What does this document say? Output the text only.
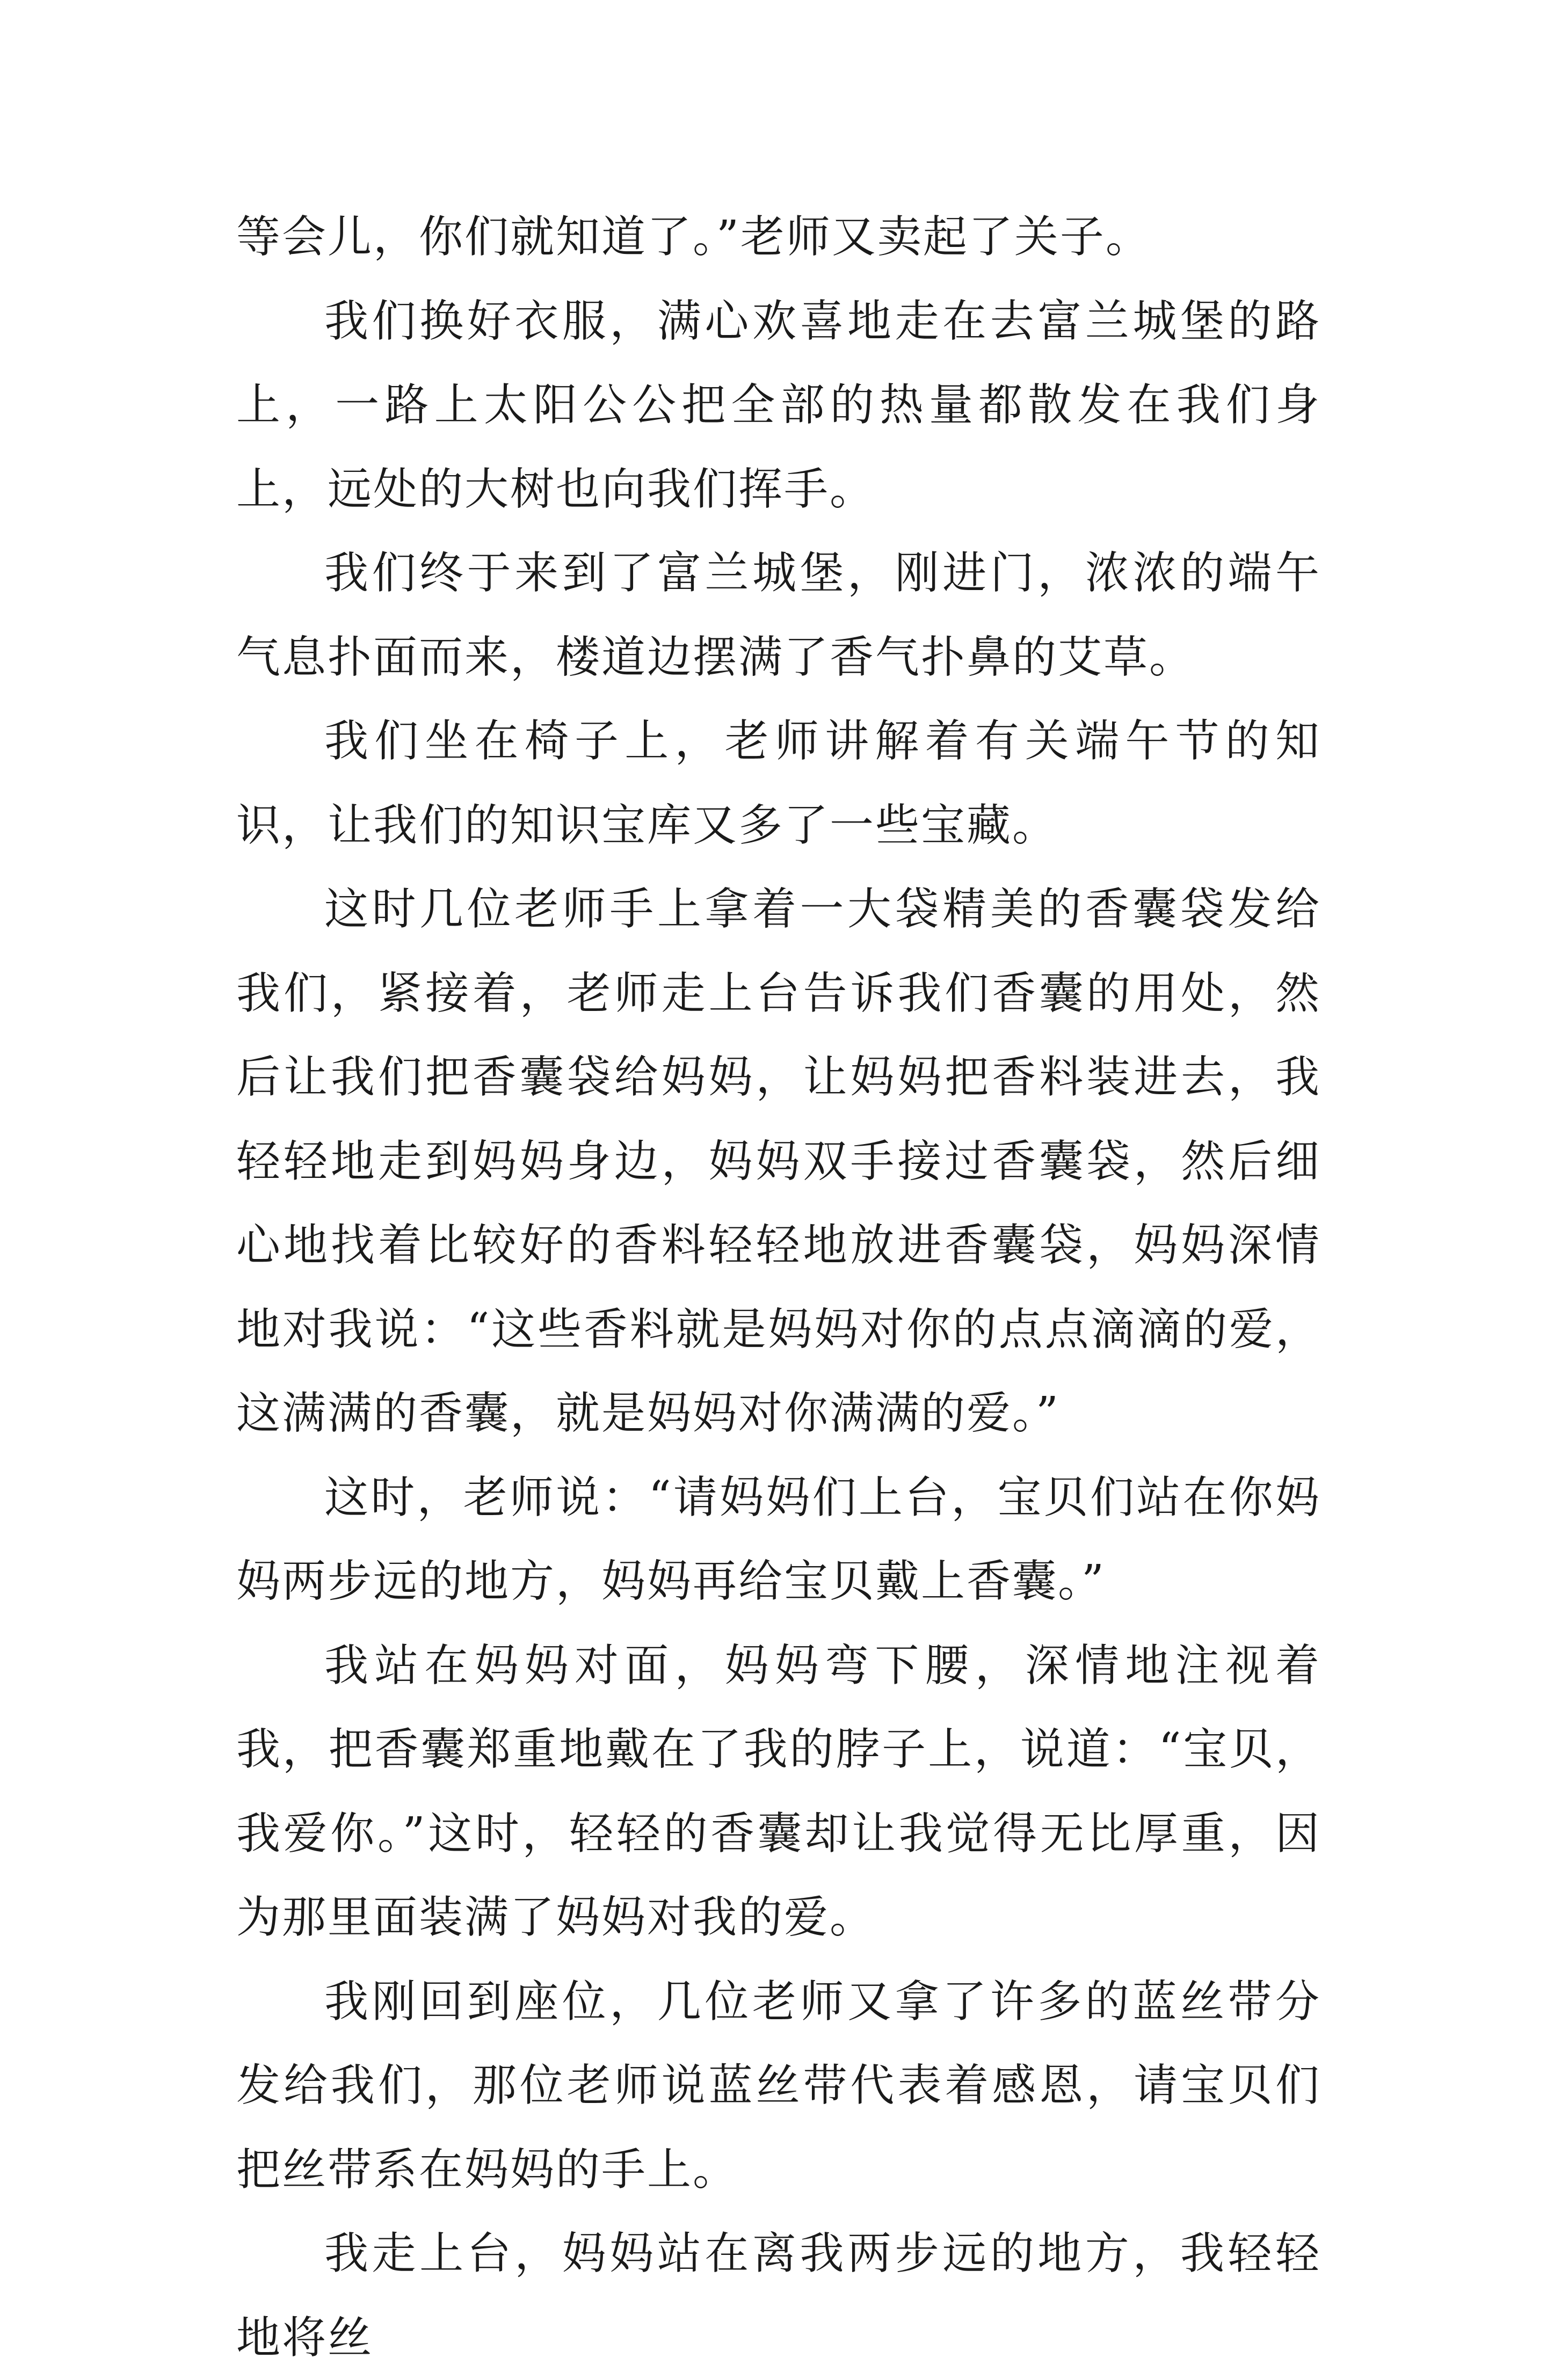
等会儿，你们就知道了。”老师又卖起了关子。

我们换好衣服，满心欢喜地走在去富兰城堡的路上，一路上太阳公公把全部的热量都散发在我们身上，远处的大树也向我们挥手。

我们终于来到了富兰城堡，刚进门，浓浓的端午气息扑面而来，楼道边摆满了香气扑鼻的艾草。

我们坐在椅子上，老师讲解着有关端午节的知识，让我们的知识宝库又多了一些宝藏。

这时几位老师手上拿着一大袋精美的香囊袋发给我们，紧接着，老师走上台告诉我们香囊的用处，然后让我们把香囊袋给妈妈，让妈妈把香料装进去，我轻轻地走到妈妈身边，妈妈双手接过香囊袋，然后细心地找着比较好的香料轻轻地放进香囊袋，妈妈深情地对我说：“这些香料就是妈妈对你的点点滴滴的爱，这满满的香囊，就是妈妈对你满满的爱。”

这时，老师说：“请妈妈们上台，宝贝们站在你妈妈两步远的地方，妈妈再给宝贝戴上香囊。”

我站在妈妈对面，妈妈弯下腰，深情地注视着我，把香囊郑重地戴在了我的脖子上，说道：“宝贝，我爱你。”这时，轻轻的香囊却让我觉得无比厚重，因为那里面装满了妈妈对我的爱。

我刚回到座位，几位老师又拿了许多的蓝丝带分发给我们，那位老师说蓝丝带代表着感恩，请宝贝们把丝带系在妈妈的手上。

我走上台，妈妈站在离我两步远的地方，我轻轻地将丝
